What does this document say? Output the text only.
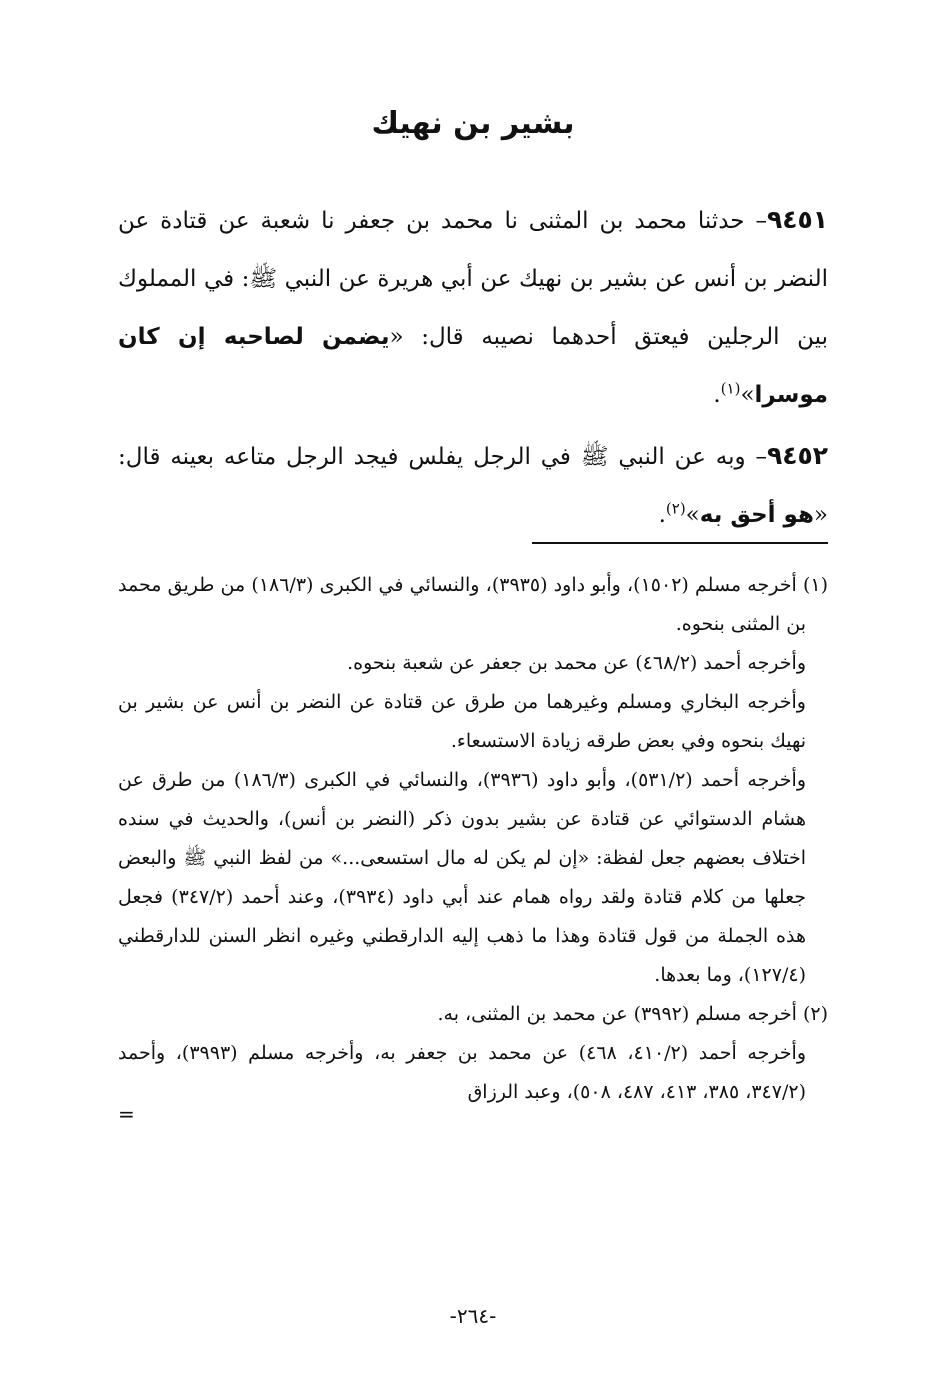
بشير بن نهيك

٩٤٥١– حدثنا محمد بن المثنى نا محمد بن جعفر نا شعبة عن قتادة عن النضر بن أنس عن بشير بن نهيك عن أبي هريرة عن النبي ﷺ: في المملوك بين الرجلين فيعتق أحدهما نصيبه قال: «يضمن لصاحبه إن كان موسرا»$^{(١)}$.

٩٤٥٢– وبه عن النبي ﷺ في الرجل يفلس فيجد الرجل متاعه بعينه قال: «هو أحق به»$^{(٢)}$.

(١) أخرجه مسلم (١٥٠٢)، وأبو داود (٣٩٣٥)، والنسائي في الكبرى (١٨٦/٣) من طريق محمد بن المثنى بنحوه.

وأخرجه أحمد (٤٦٨/٢) عن محمد بن جعفر عن شعبة بنحوه.

وأخرجه البخاري ومسلم وغيرهما من طرق عن قتادة عن النضر بن أنس عن بشير بن نهيك بنحوه وفي بعض طرقه زيادة الاستسعاء.

وأخرجه أحمد (٥٣١/٢)، وأبو داود (٣٩٣٦)، والنسائي في الكبرى (١٨٦/٣) من طرق عن هشام الدستوائي عن قتادة عن بشير بدون ذكر (النضر بن أنس)، والحديث في سنده اختلاف بعضهم جعل لفظة: «إن لم يكن له مال استسعى...» من لفظ النبي ﷺ والبعض جعلها من كلام قتادة ولقد رواه همام عند أبي داود (٣٩٣٤)، وعند أحمد (٣٤٧/٢) فجعل هذه الجملة من قول قتادة وهذا ما ذهب إليه الدارقطني وغيره انظر السنن للدارقطني (١٢٧/٤)، وما بعدها.

(٢) أخرجه مسلم (٣٩٩٢) عن محمد بن المثنى، به.

وأخرجه أحمد (٤١٠/٢، ٤٦٨) عن محمد بن جعفر به، وأخرجه مسلم (٣٩٩٣)، وأحمد (٣٤٧/٢، ٣٨٥، ٤١٣، ٤٨٧، ٥٠٨)، وعبد الرزاق

=
-٢٦٤-
